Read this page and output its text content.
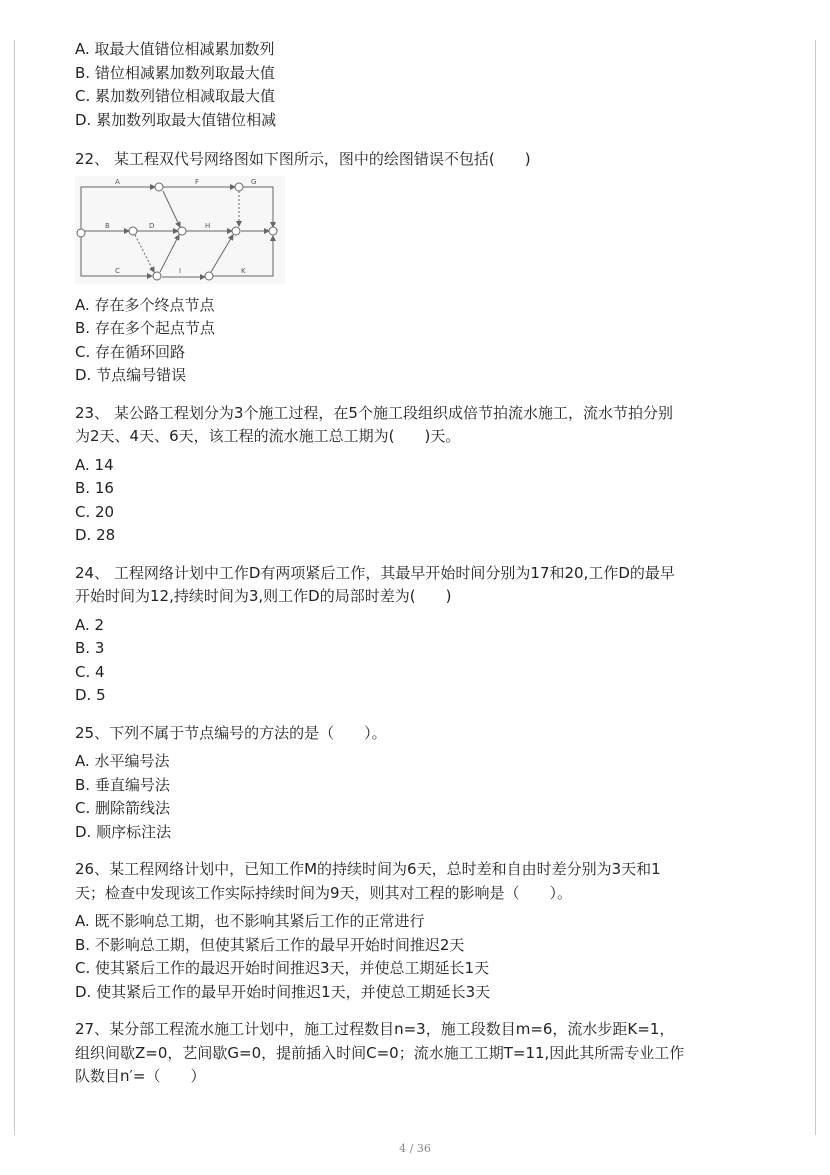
A. 取最大值错位相减累加数列
B. 错位相减累加数列取最大值
C. 累加数列错位相减取最大值
D. 累加数列取最大值错位相减
22、 某工程双代号网络图如下图所示，图中的绘图错误不包括(　　)
A
B
C
D
F	G
H
I	K
A. 存在多个终点节点
B. 存在多个起点节点
C. 存在循环回路
D. 节点编号错误
23、 某公路工程划分为3个施工过程，在5个施工段组织成倍节拍流水施工，流水节拍分别
为2天、4天、6天，该工程的流水施工总工期为(　　)天。
A. 14
B. 16
C. 20
D. 28
24、 工程网络计划中工作D有两项紧后工作，其最早开始时间分别为17和20,工作D的最早
开始时间为12,持续时间为3,则工作D的局部时差为(　　)
A. 2
B. 3
C. 4
D. 5
25、下列不属于节点编号的方法的是（　　）。
A. 水平编号法
B. 垂直编号法
C. 删除箭线法
D. 顺序标注法
26、某工程网络计划中，已知工作M的持续时间为6天，总时差和自由时差分别为3天和1
天；检查中发现该工作实际持续时间为9天，则其对工程的影响是（　　）。
A. 既不影响总工期，也不影响其紧后工作的正常进行
B. 不影响总工期，但使其紧后工作的最早开始时间推迟2天
C. 使其紧后工作的最迟开始时间推迟3天，并使总工期延长1天
D. 使其紧后工作的最早开始时间推迟1天，并使总工期延长3天
27、某分部工程流水施工计划中，施工过程数目n=3，施工段数目m=6，流水步距K=1，
组织间歇Z=0，艺间歇G=0，提前插入时间C=0；流水施工工期T=11,因此其所需专业工作
队数目n′=（　　）
4 / 36
